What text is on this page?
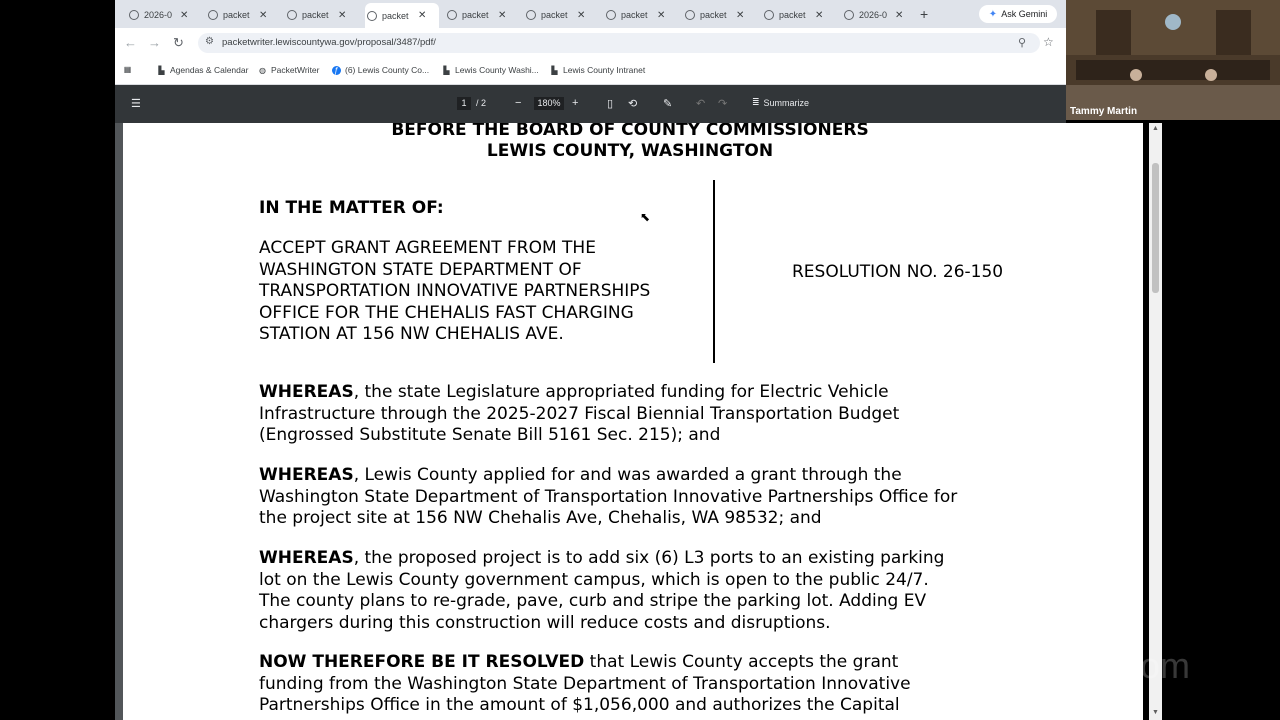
2026-0 ✕	packet ✕	packet ✕	packet ✕	packet ✕	packet ✕	packet ✕	packet ✕	packet ✕	2026-0 ✕ +	✦ Ask Gemini
← → ↻ ⚙ packetwriter.lewiscountywa.gov/proposal/3487/pdf/	⚲ ☆
▦	▙ Agendas & Calendar ◍ PacketWriter ƒ (6) Lewis County Co... ▙ Lewis County Washi... ▙ Lewis County Intranet
☰	1	/ 2	−	180%	+	▯ ⟲ ✎ ↶ ↷	≣ Summarize
BEFORE THE BOARD OF COUNTY COMMISSIONERS
LEWIS COUNTY, WASHINGTON
IN THE MATTER OF:
ACCEPT GRANT AGREEMENT FROM THE
WASHINGTON STATE DEPARTMENT OF
TRANSPORTATION INNOVATIVE PARTNERSHIPS
OFFICE FOR THE CHEHALIS FAST CHARGING
STATION AT 156 NW CHEHALIS AVE.
RESOLUTION NO. 26-150
WHEREAS, the state Legislature appropriated funding for Electric Vehicle
Infrastructure through the 2025-2027 Fiscal Biennial Transportation Budget
(Engrossed Substitute Senate Bill 5161 Sec. 215); and
WHEREAS, Lewis County applied for and was awarded a grant through the
Washington State Department of Transportation Innovative Partnerships Office for
the project site at 156 NW Chehalis Ave, Chehalis, WA 98532; and
WHEREAS, the proposed project is to add six (6) L3 ports to an existing parking
lot on the Lewis County government campus, which is open to the public 24/7.
The county plans to re-grade, pave, curb and stripe the parking lot. Adding EV
chargers during this construction will reduce costs and disruptions.
NOW THEREFORE BE IT RESOLVED that Lewis County accepts the grant
funding from the Washington State Department of Transportation Innovative
Partnerships Office in the amount of $1,056,000 and authorizes the Capital
▲
▼
Tammy Martin
zoom
⬉
